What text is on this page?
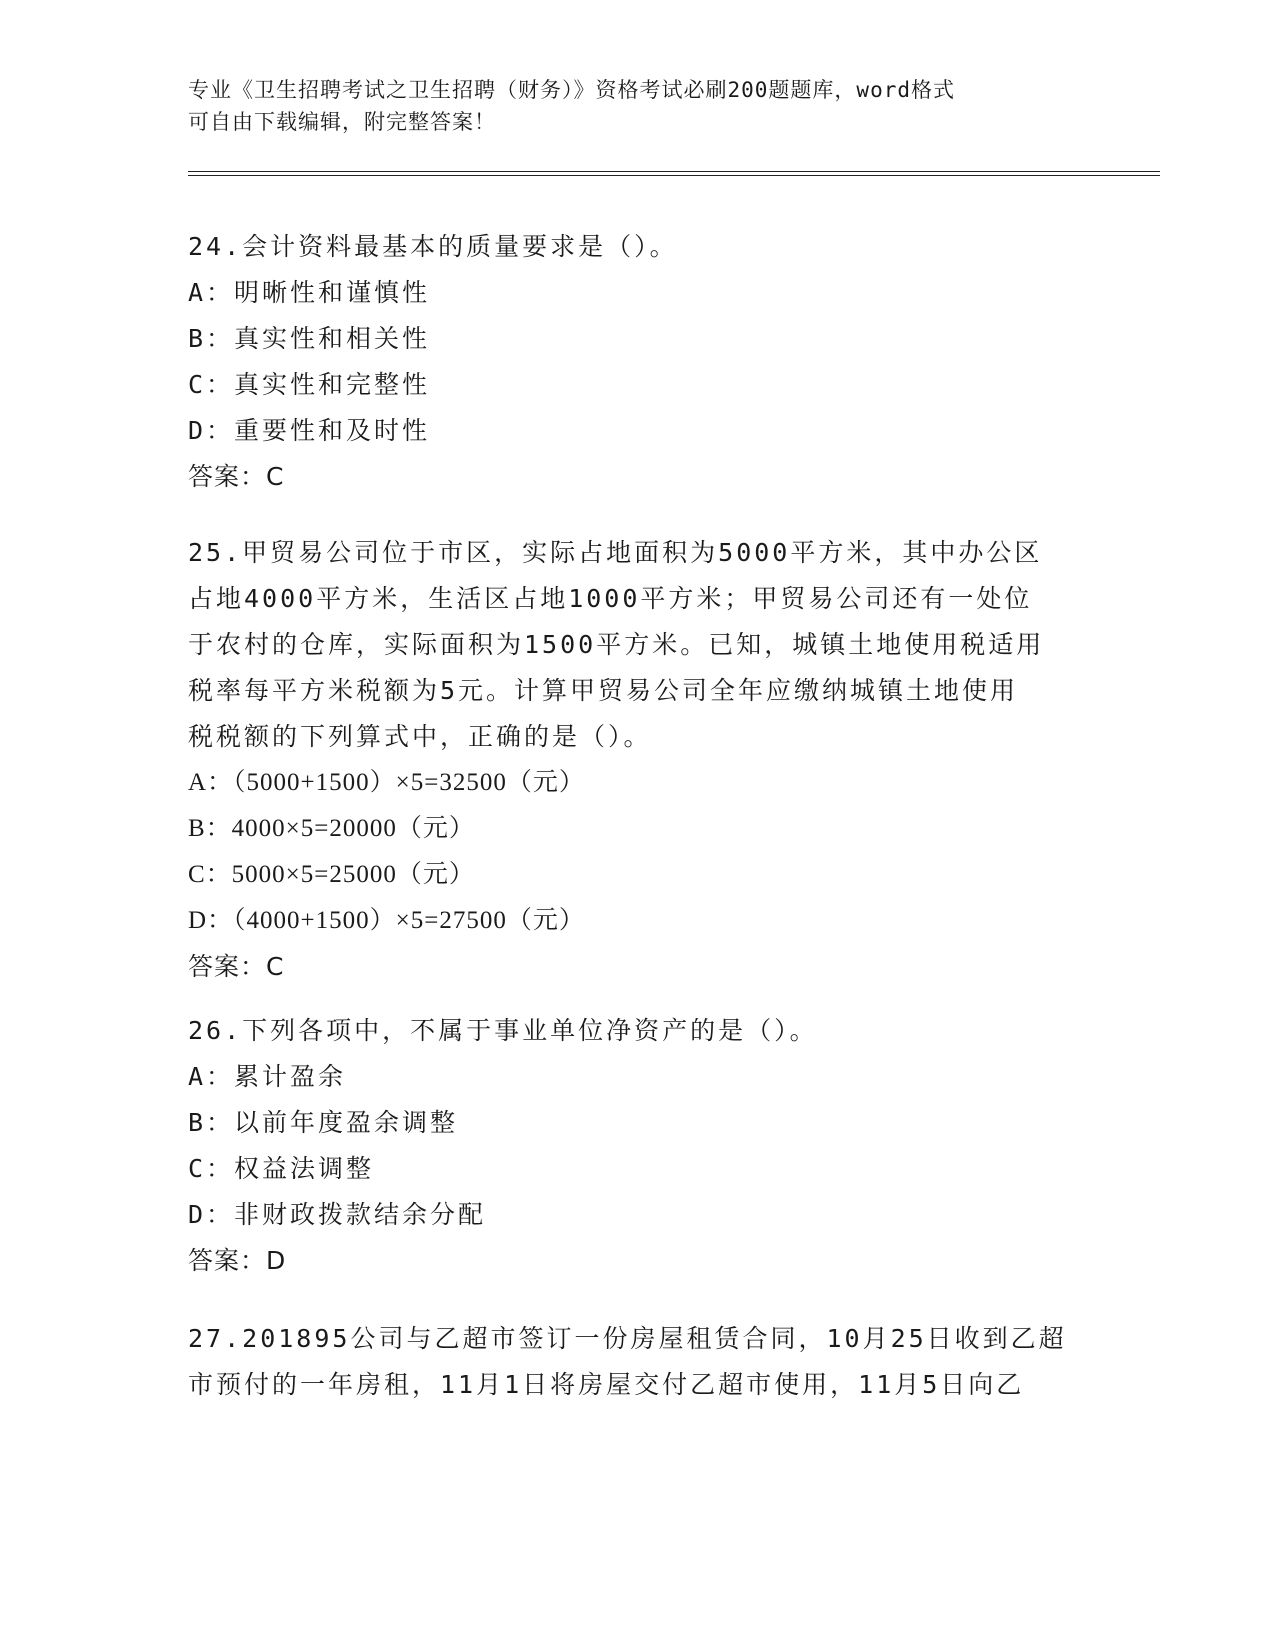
专业《卫生招聘考试之卫生招聘（财务）》资格考试必刷200题题库，word格式
可自由下载编辑，附完整答案！
24.会计资料最基本的质量要求是（）。
A：明晰性和谨慎性
B：真实性和相关性
C：真实性和完整性
D：重要性和及时性
答案：C
25.甲贸易公司位于市区，实际占地面积为5000平方米，其中办公区
占地4000平方米，生活区占地1000平方米；甲贸易公司还有一处位
于农村的仓库，实际面积为1500平方米。已知，城镇土地使用税适用
税率每平方米税额为5元。计算甲贸易公司全年应缴纳城镇土地使用
税税额的下列算式中，正确的是（）。
A：（5000+1500）×5=32500（元）
B：4000×5=20000（元）
C：5000×5=25000（元）
D：（4000+1500）×5=27500（元）
答案：C
26.下列各项中，不属于事业单位净资产的是（）。
A：累计盈余
B：以前年度盈余调整
C：权益法调整
D：非财政拨款结余分配
答案：D
27.201895公司与乙超市签订一份房屋租赁合同，10月25日收到乙超
市预付的一年房租，11月1日将房屋交付乙超市使用，11月5日向乙
